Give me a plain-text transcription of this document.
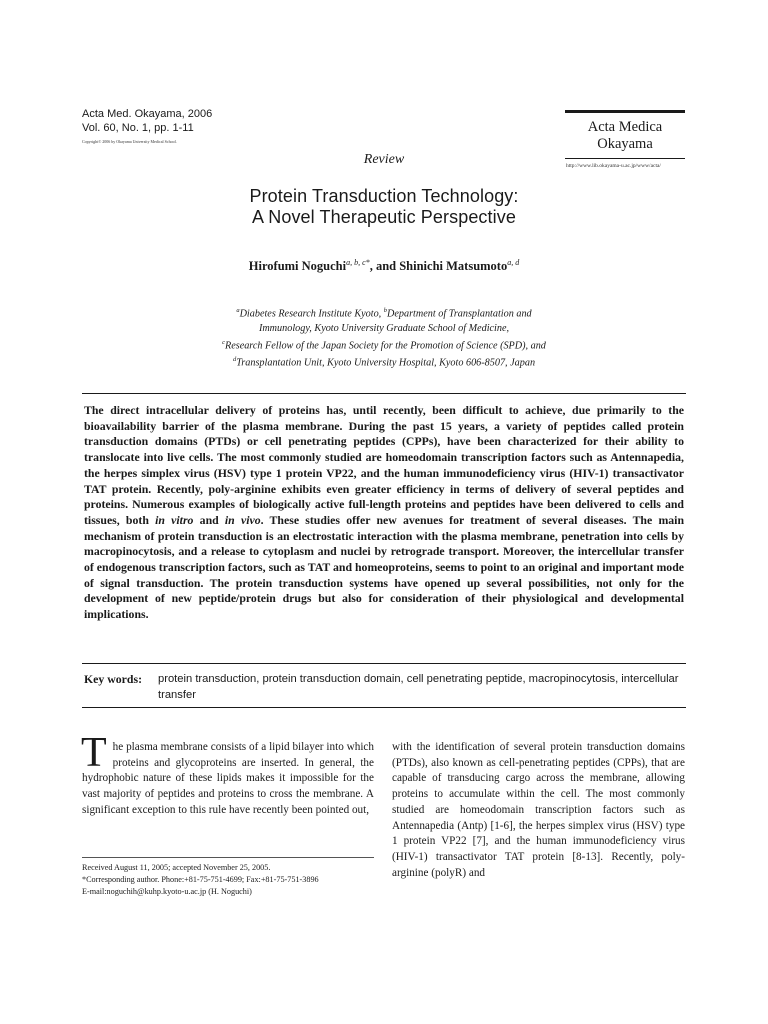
Acta Med. Okayama, 2006
Vol. 60, No. 1, pp. 1-11
Copyright© 2006 by Okayama University Medical School.
Acta Medica
Okayama
http://www.lib.okayama-u.ac.jp/www/acta/
Review
Protein Transduction Technology:
A Novel Therapeutic Perspective
Hirofumi Noguchi$^{a, b, c*}$, and Shinichi Matsumoto$^{a, d}$
$^a$Diabetes Research Institute Kyoto, $^b$Department of Transplantation and
Immunology, Kyoto University Graduate School of Medicine,
$^c$Research Fellow of the Japan Society for the Promotion of Science (SPD), and
$^d$Transplantation Unit, Kyoto University Hospital, Kyoto 606-8507, Japan
The direct intracellular delivery of proteins has, until recently, been difficult to achieve, due primarily to the bioavailability barrier of the plasma membrane. During the past 15 years, a variety of peptides called protein transduction domains (PTDs) or cell penetrating peptides (CPPs), have been characterized for their ability to translocate into live cells. The most commonly studied are homeodomain transcription factors such as Antennapedia, the herpes simplex virus (HSV) type 1 protein VP22, and the human immunodeficiency virus (HIV-1) transactivator TAT protein. Recently, poly-arginine exhibits even greater efficiency in terms of delivery of several peptides and proteins. Numerous examples of biologically active full-length proteins and peptides have been delivered to cells and tissues, both in vitro and in vivo. These studies offer new avenues for treatment of several diseases. The main mechanism of protein transduction is an electrostatic interaction with the plasma membrane, penetration into cells by macropinocytosis, and a release to cytoplasm and nuclei by retrograde transport. Moreover, the intercellular transfer of endogenous transcription factors, such as TAT and homeoproteins, seems to point to an original and important mode of signal transduction. The protein transduction systems have opened up several possibilities, not only for the development of new peptide/protein drugs but also for consideration of their physiological and developmental implications.
Key words: protein transduction, protein transduction domain, cell penetrating peptide, macropinocytosis, intercellular transfer
The plasma membrane consists of a lipid bilayer into which proteins and glycoproteins are inserted. In general, the hydrophobic nature of these lipids makes it impossible for the vast majority of peptides and proteins to cross the membrane. A significant exception to this rule have recently been pointed out,
with the identification of several protein transduction domains (PTDs), also known as cell-penetrating peptides (CPPs), that are capable of transducing cargo across the membrane, allowing proteins to accumulate within the cell. The most commonly studied are homeodomain transcription factors such as Antennapedia (Antp) [1-6], the herpes simplex virus (HSV) type 1 protein VP22 [7], and the human immunodeficiency virus (HIV-1) transactivator TAT protein [8-13]. Recently, poly-arginine (polyR) and
Received August 11, 2005; accepted November 25, 2005.
*Corresponding author. Phone:+81-75-751-4699; Fax:+81-75-751-3896
E-mail:noguchih@kuhp.kyoto-u.ac.jp (H. Noguchi)
